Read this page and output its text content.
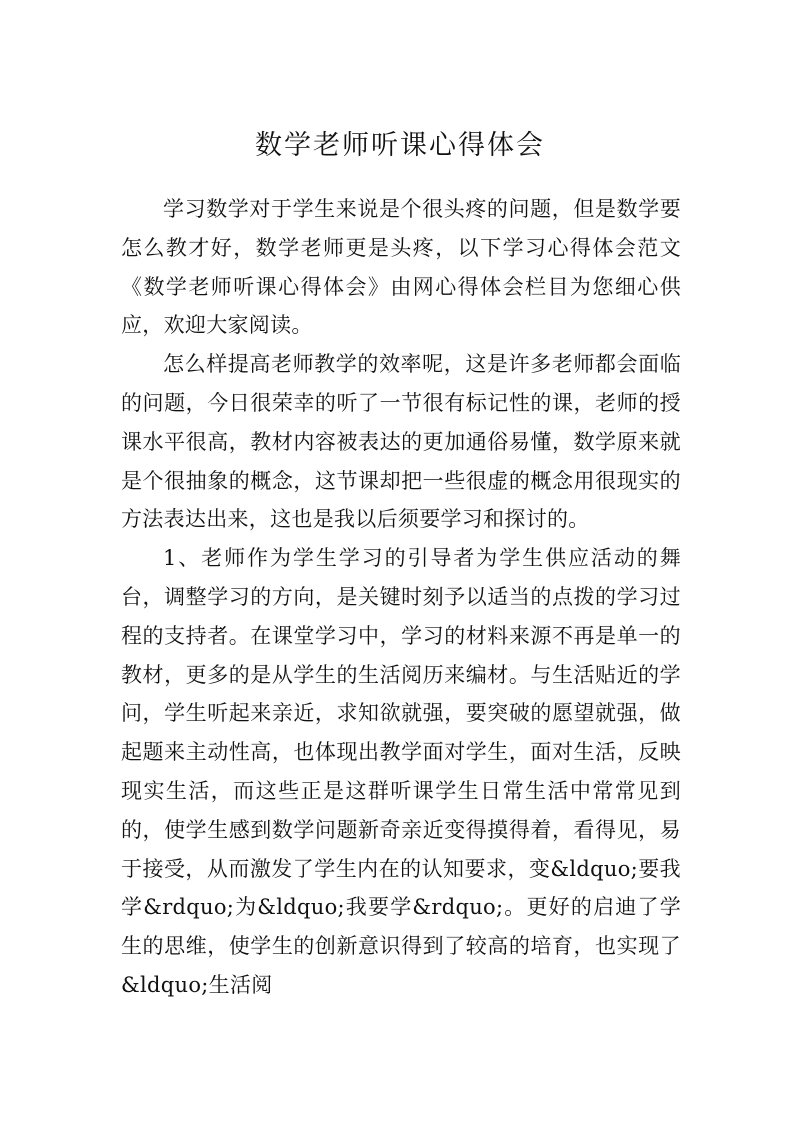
数学老师听课心得体会

学习数学对于学生来说是个很头疼的问题，但是数学要怎么教才好，数学老师更是头疼，以下学习心得体会范文《数学老师听课心得体会》由网心得体会栏目为您细心供应，欢迎大家阅读。

怎么样提高老师教学的效率呢，这是许多老师都会面临的问题，今日很荣幸的听了一节很有标记性的课，老师的授课水平很高，教材内容被表达的更加通俗易懂，数学原来就是个很抽象的概念，这节课却把一些很虚的概念用很现实的方法表达出来，这也是我以后须要学习和探讨的。

1、老师作为学生学习的引导者为学生供应活动的舞台，调整学习的方向，是关键时刻予以适当的点拨的学习过程的支持者。在课堂学习中，学习的材料来源不再是单一的教材，更多的是从学生的生活阅历来编材。与生活贴近的学问，学生听起来亲近，求知欲就强，要突破的愿望就强，做起题来主动性高，也体现出教学面对学生，面对生活，反映现实生活，而这些正是这群听课学生日常生活中常常见到的，使学生感到数学问题新奇亲近变得摸得着，看得见，易于接受，从而激发了学生内在的认知要求，变&ldquo;要我学&rdquo;为&ldquo;我要学&rdquo;。更好的启迪了学生的思维，使学生的创新意识得到了较高的培育，也实现了&ldquo;生活阅
